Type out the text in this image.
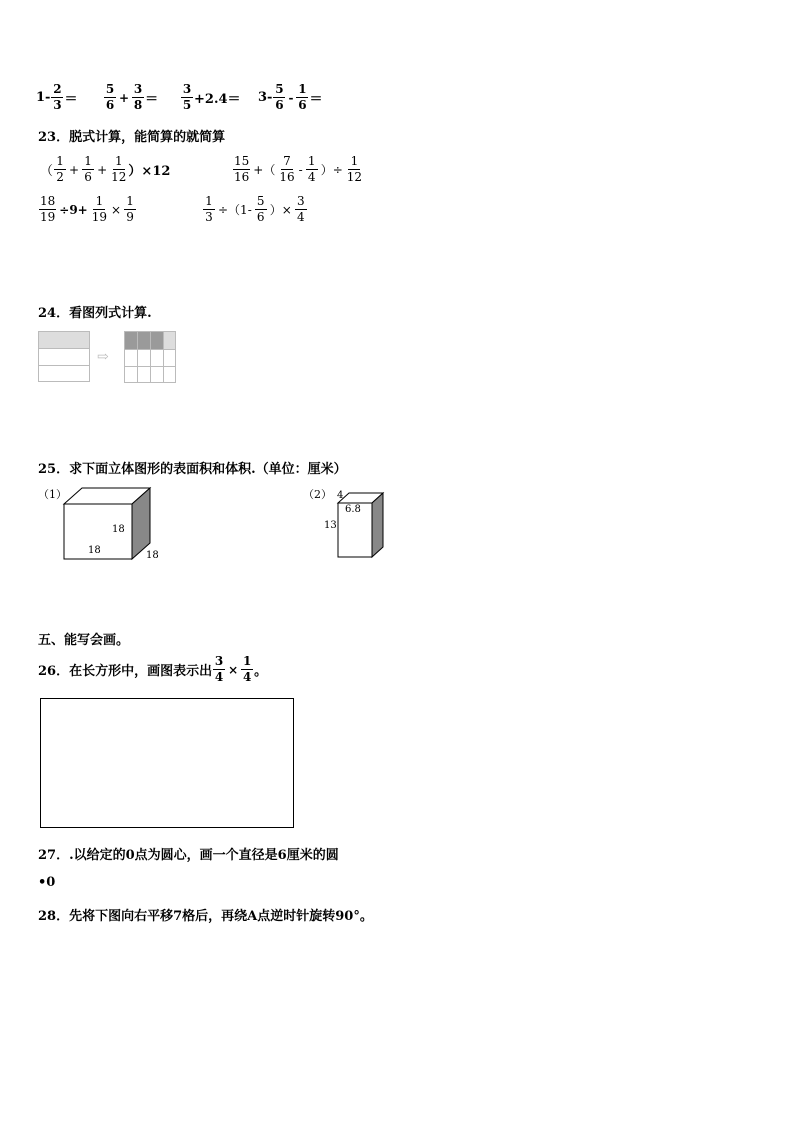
$1- \frac{2}{3} = \frac{5}{6} + \frac{3}{8} = \frac{3}{5} +2.4= 3- \frac{5}{6} - \frac{1}{6}$ ＝
23．脱式计算，能简算的就简算
（ $\frac{1}{2} + \frac{1}{6} + \frac{1}{12} )\times 12$	$\frac{15}{16}$ +（ $\frac{7}{16} - \frac{1}{4}$ ）÷ $\frac{1}{12}$
$\frac{18}{19} \div 9+ \frac{1}{19} \times \frac{1}{9}$	$\frac{1}{3} \div(1- \frac{5}{6}$ ）× $\frac{3}{4}$
24．看图列式计算.
⇨
25．求下面立体图形的表面积和体积.（单位：厘米）
（1）
18
18	18
（2） 4
6.8
13
五、能写会画。
26．在长方形中，画图表示出 $\frac{3}{4} \times \frac{1}{4}$ 。
27．.以给定的0点为圆心，画一个直径是6厘米的圆
•0
28．先将下图向右平移7格后，再绕A点逆时针旋转90°。
